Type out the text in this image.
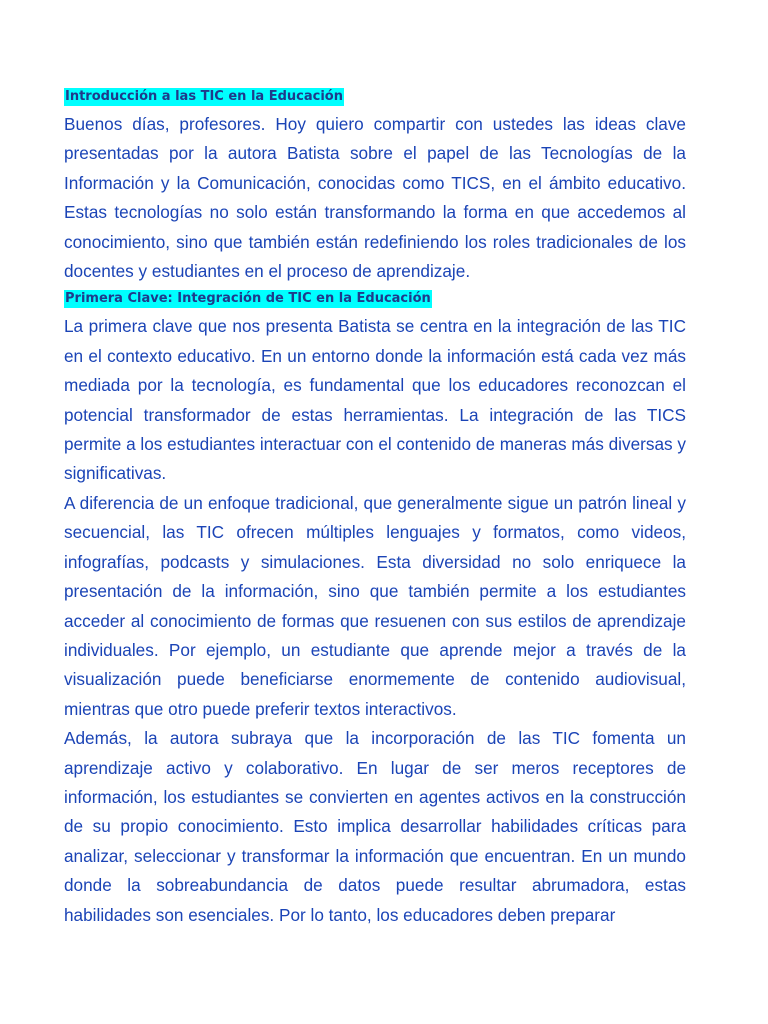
Introducción a las TIC en la Educación

Buenos días, profesores. Hoy quiero compartir con ustedes las ideas clave presentadas por la autora Batista sobre el papel de las Tecnologías de la Información y la Comunicación, conocidas como TICS, en el ámbito educativo. Estas tecnologías no solo están transformando la forma en que accedemos al conocimiento, sino que también están redefiniendo los roles tradicionales de los docentes y estudiantes en el proceso de aprendizaje.

Primera Clave: Integración de TIC en la Educación

La primera clave que nos presenta Batista se centra en la integración de las TIC en el contexto educativo. En un entorno donde la información está cada vez más mediada por la tecnología, es fundamental que los educadores reconozcan el potencial transformador de estas herramientas. La integración de las TICS permite a los estudiantes interactuar con el contenido de maneras más diversas y significativas.

A diferencia de un enfoque tradicional, que generalmente sigue un patrón lineal y secuencial, las TIC ofrecen múltiples lenguajes y formatos, como videos, infografías, podcasts y simulaciones. Esta diversidad no solo enriquece la presentación de la información, sino que también permite a los estudiantes acceder al conocimiento de formas que resuenen con sus estilos de aprendizaje individuales. Por ejemplo, un estudiante que aprende mejor a través de la visualización puede beneficiarse enormemente de contenido audiovisual, mientras que otro puede preferir textos interactivos.

Además, la autora subraya que la incorporación de las TIC fomenta un aprendizaje activo y colaborativo. En lugar de ser meros receptores de información, los estudiantes se convierten en agentes activos en la construcción de su propio conocimiento. Esto implica desarrollar habilidades críticas para analizar, seleccionar y transformar la información que encuentran. En un mundo donde la sobreabundancia de datos puede resultar abrumadora, estas habilidades son esenciales. Por lo tanto, los educadores deben preparar
